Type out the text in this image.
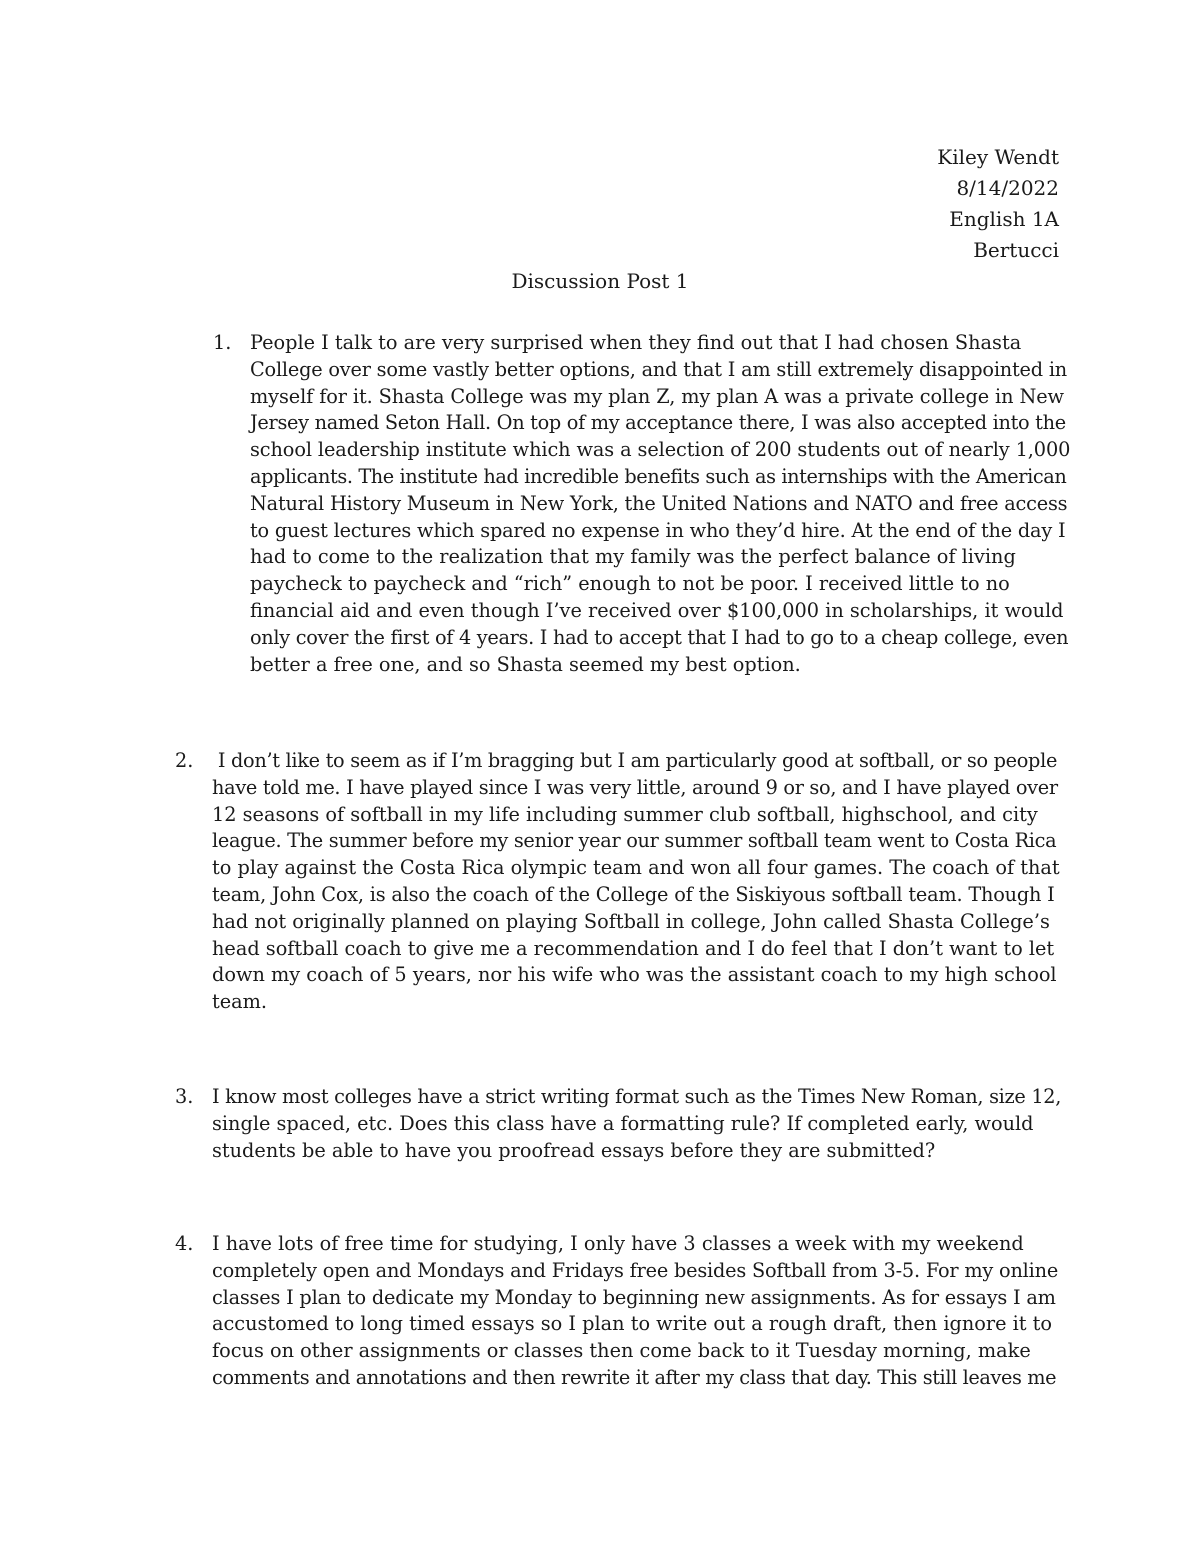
Kiley Wendt
8/14/2022
English 1A
Bertucci
Discussion Post 1
1. People I talk to are very surprised when they find out that I had chosen Shasta
College over some vastly better options, and that I am still extremely disappointed in
myself for it. Shasta College was my plan Z, my plan A was a private college in New
Jersey named Seton Hall. On top of my acceptance there, I was also accepted into the
school leadership institute which was a selection of 200 students out of nearly 1,000
applicants. The institute had incredible benefits such as internships with the American
Natural History Museum in New York, the United Nations and NATO and free access
to guest lectures which spared no expense in who they’d hire. At the end of the day I
had to come to the realization that my family was the perfect balance of living
paycheck to paycheck and “rich” enough to not be poor. I received little to no
financial aid and even though I’ve received over $100,000 in scholarships, it would
only cover the first of 4 years. I had to accept that I had to go to a cheap college, even
better a free one, and so Shasta seemed my best option.
2. I don’t like to seem as if I’m bragging but I am particularly good at softball, or so people
have told me. I have played since I was very little, around 9 or so, and I have played over
12 seasons of softball in my life including summer club softball, highschool, and city
league. The summer before my senior year our summer softball team went to Costa Rica
to play against the Costa Rica olympic team and won all four games. The coach of that
team, John Cox, is also the coach of the College of the Siskiyous softball team. Though I
had not originally planned on playing Softball in college, John called Shasta College’s
head softball coach to give me a recommendation and I do feel that I don’t want to let
down my coach of 5 years, nor his wife who was the assistant coach to my high school
team.
3. I know most colleges have a strict writing format such as the Times New Roman, size 12,
single spaced, etc. Does this class have a formatting rule? If completed early, would
students be able to have you proofread essays before they are submitted?
4. I have lots of free time for studying, I only have 3 classes a week with my weekend
completely open and Mondays and Fridays free besides Softball from 3-5. For my online
classes I plan to dedicate my Monday to beginning new assignments. As for essays I am
accustomed to long timed essays so I plan to write out a rough draft, then ignore it to
focus on other assignments or classes then come back to it Tuesday morning, make
comments and annotations and then rewrite it after my class that day. This still leaves me
